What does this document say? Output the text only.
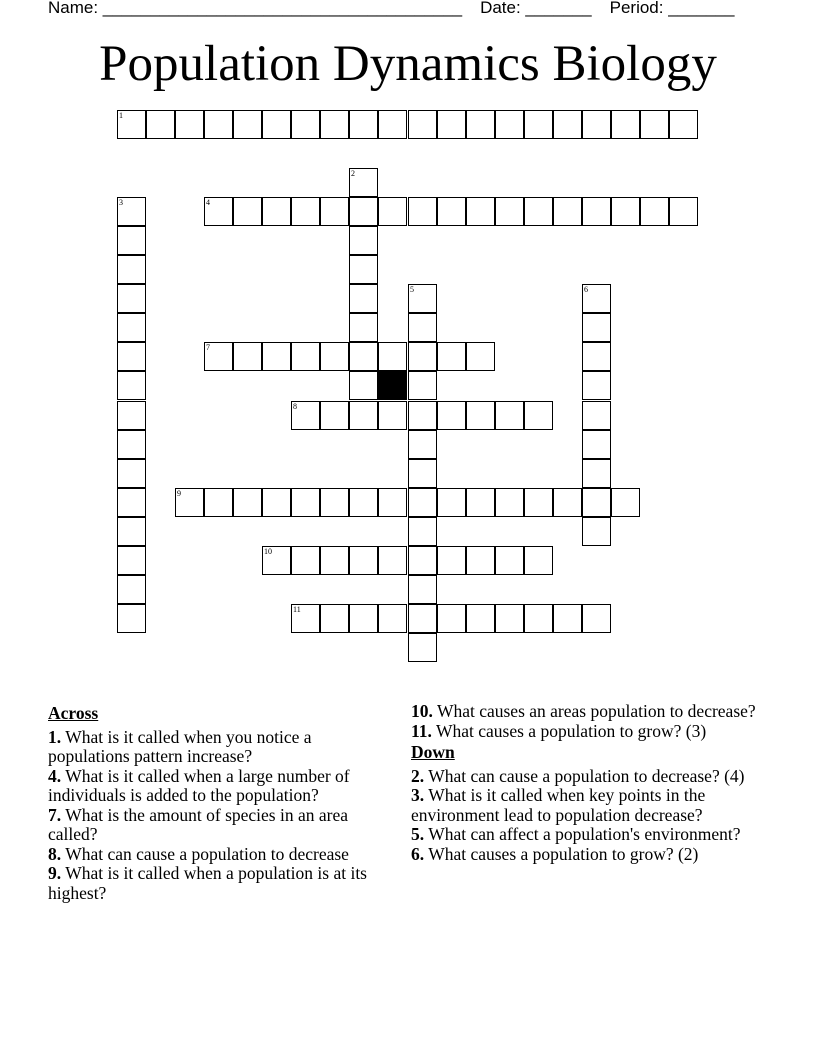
Name: ______________________________________ Date: _______ Period: _______
Population Dynamics Biology
1
2
3	4
5	6
7
8
9
10
11
Across

1. What is it called when you notice a populations pattern increase?

4. What is it called when a large number of individuals is added to the population?

7. What is the amount of species in an area called?

8. What can cause a population to decrease

9. What is it called when a population is at its highest?

10. What causes an areas population to decrease?

11. What causes a population to grow? (3)

Down

2. What can cause a population to decrease? (4)

3. What is it called when key points in the environment lead to population decrease?

5. What can affect a population's environment?

6. What causes a population to grow? (2)
